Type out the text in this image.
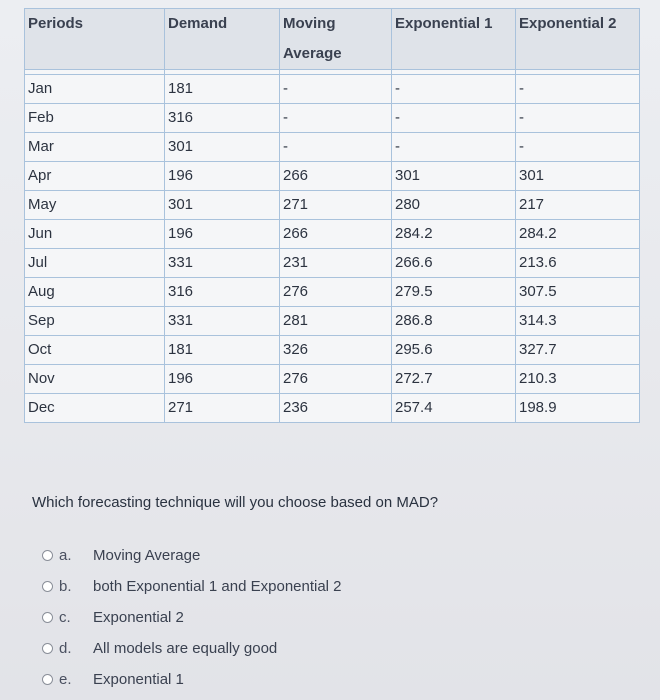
Periods	Demand	Moving Average	Exponential 1	Exponential 2

Jan	181	-	-	-
Feb	316	-	-	-
Mar	301	-	-	-
Apr	196	266	301	301
May	301	271	280	217
Jun	196	266	284.2	284.2
Jul	331	231	266.6	213.6
Aug	316	276	279.5	307.5
Sep	331	281	286.8	314.3
Oct	181	326	295.6	327.7
Nov	196	276	272.7	210.3
Dec	271	236	257.4	198.9

Which forecasting technique will you choose based on MAD?

a.	Moving Average
b.	both Exponential 1 and Exponential 2
c.	Exponential 2
d.	All models are equally good
e.	Exponential 1
